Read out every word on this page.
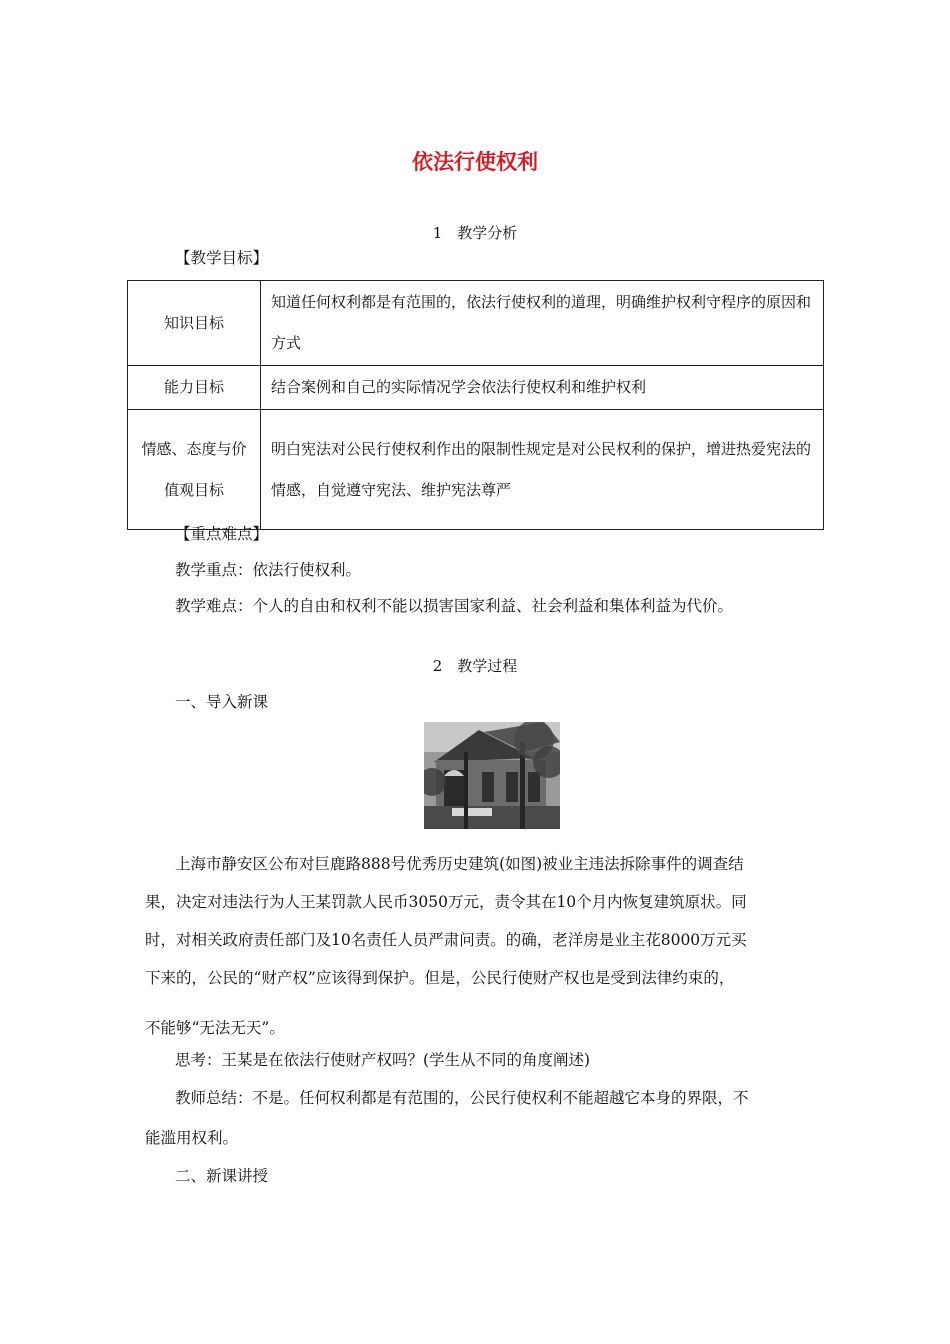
依法行使权利
1　教学分析
【教学目标】
知识目标	知道任何权利都是有范围的，依法行使权利的道理，明确维护权利守程序的原因和方式
能力目标	结合案例和自己的实际情况学会依法行使权利和维护权利
情感、态度与价值观目标	明白宪法对公民行使权利作出的限制性规定是对公民权利的保护，增进热爱宪法的情感，自觉遵守宪法、维护宪法尊严
【重点难点】
教学重点：依法行使权利。
教学难点：个人的自由和权利不能以损害国家利益、社会利益和集体利益为代价。
2　教学过程
一、导入新课
上海市静安区公布对巨鹿路888号优秀历史建筑(如图)被业主违法拆除事件的调查结
果，决定对违法行为人王某罚款人民币3050万元，责令其在10个月内恢复建筑原状。同
时，对相关政府责任部门及10名责任人员严肃问责。的确，老洋房是业主花8000万元买
下来的，公民的“财产权”应该得到保护。但是，公民行使财产权也是受到法律约束的，
不能够“无法无天”。
思考：王某是在依法行使财产权吗？(学生从不同的角度阐述)
教师总结：不是。任何权利都是有范围的，公民行使权利不能超越它本身的界限，不
能滥用权利。
二、新课讲授
